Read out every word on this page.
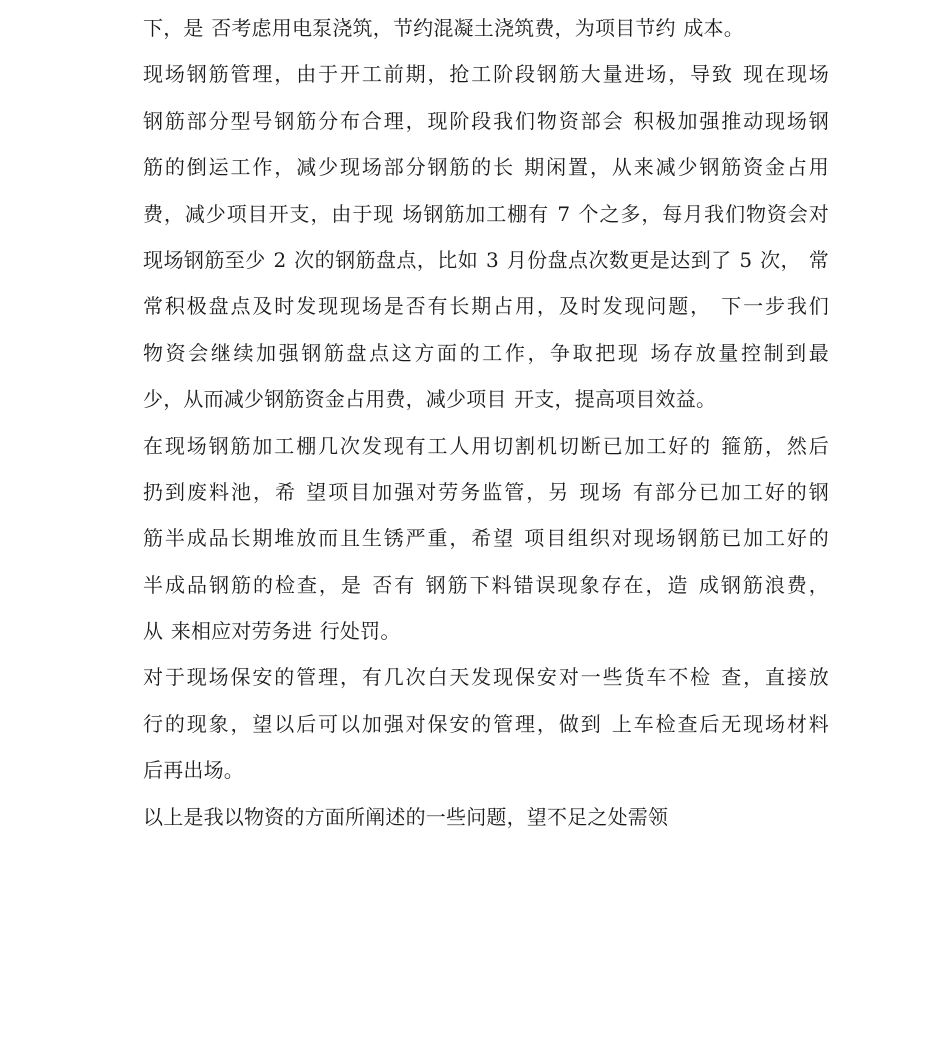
下，是 否考虑用电泵浇筑，节约混凝土浇筑费，为项目节约 成本。
现场钢筋管理，由于开工前期，抢工阶段钢筋大量进场，导致 现在现场
钢筋部分型号钢筋分布合理，现阶段我们物资部会 积极加强推动现场钢
筋的倒运工作，减少现场部分钢筋的长 期闲置，从来减少钢筋资金占用
费，减少项目开支，由于现 场钢筋加工棚有 7 个之多，每月我们物资会对
现场钢筋至少 2 次的钢筋盘点，比如 3 月份盘点次数更是达到了 5 次， 常
常积极盘点及时发现现场是否有长期占用，及时发现问题， 下一步我们
物资会继续加强钢筋盘点这方面的工作，争取把现 场存放量控制到最
少，从而减少钢筋资金占用费，减少项目 开支，提高项目效益。
在现场钢筋加工棚几次发现有工人用切割机切断已加工好的 箍筋，然后
扔到废料池，希 望项目加强对劳务监管，另 现场 有部分已加工好的钢
筋半成品长期堆放而且生锈严重，希望 项目组织对现场钢筋已加工好的
半成品钢筋的检查，是 否有 钢筋下料错误现象存在，造 成钢筋浪费，
从 来相应对劳务进 行处罚。
对于现场保安的管理，有几次白天发现保安对一些货车不检 查，直接放
行的现象，望以后可以加强对保安的管理，做到 上车检查后无现场材料
后再出场。
以上是我以物资的方面所阐述的一些问题，望不足之处需领
